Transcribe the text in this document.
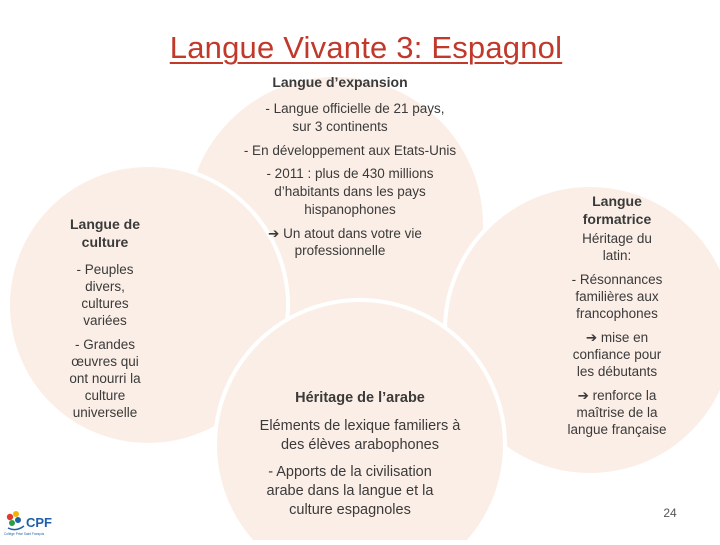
Langue Vivante 3: Espagnol
Langue d’expansion
- Langue officielle de 21 pays,
sur 3 continents
- En développement aux Etats-Unis
- 2011 : plus de 430 millions
d’habitants dans les pays
hispanophones
➔ Un atout dans votre vie
professionnelle
Langue de
culture
- Peuples
divers,
cultures
variées
- Grandes
œuvres qui
ont nourri la
culture
universelle
Langue
formatrice
Héritage du
latin:
- Résonnances
familières aux
francophones
➔ mise en
confiance pour
les débutants
➔ renforce la
maîtrise de la
langue française
Héritage de l’arabe
Eléments de lexique familiers à
des élèves arabophones
- Apports de la civilisation
arabe dans la langue et la
culture espagnoles
CPF
Collège Privé Saint François
24
